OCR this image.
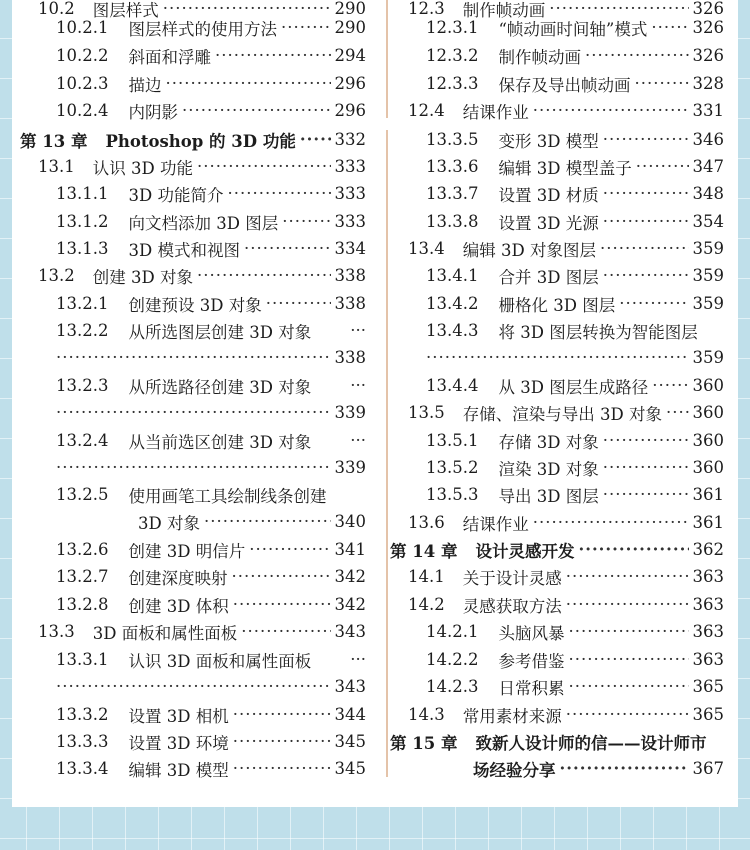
10.2 图层样式 ·····	290
10.2.1 图层样式的使用方法 ·····	290
10.2.2 斜面和浮雕 ·····	294
10.2.3 描边 ·····	296
10.2.4 内阴影 ·····	296
第 13 章 Photoshop 的 3D 功能 ····· 332
13.1 认识 3D 功能 ·····	333
13.1.1 3D 功能简介 ·····	333
13.1.2 向文档添加 3D 图层 ·····	333
13.1.3 3D 模式和视图 ·····	334
13.2 创建 3D 对象 ·····	338
13.2.1 创建预设 3D 对象 ·····	338
13.2.2 从所选图层创建 3D 对象	···
·····
338
13.2.3 从所选路径创建 3D 对象	···
·····
339
13.2.4 从当前选区创建 3D 对象	···
·····
339
13.2.5 使用画笔工具绘制线条创建
3D 对象 ·····	340
13.2.6 创建 3D 明信片 ·····	341
13.2.7 创建深度映射 ·····	342
13.2.8 创建 3D 体积 ·····	342
13.3 3D 面板和属性面板 ·····	343
13.3.1 认识 3D 面板和属性面板	···
·····
343
13.3.2 设置 3D 相机 ·····	344
13.3.3 设置 3D 环境 ·····	345
13.3.4 编辑 3D 模型 ·····	345
12.3 制作帧动画 ·····	326
12.3.1 “帧动画时间轴”模式 ·····	326
12.3.2 制作帧动画 ·····	326
12.3.3 保存及导出帧动画 ·····	328
12.4 结课作业 ·····	331
13.3.5 变形 3D 模型 ·····	346
13.3.6 编辑 3D 模型盖子 ·····	347
13.3.7 设置 3D 材质 ·····	348
13.3.8 设置 3D 光源 ·····	354
13.4 编辑 3D 对象图层 ·····	359
13.4.1 合并 3D 图层 ·····	359
13.4.2 栅格化 3D 图层 ·····	359
13.4.3 将 3D 图层转换为智能图层
·····
359
13.4.4 从 3D 图层生成路径 ·····	360
13.5 存储、渲染与导出 3D 对象 ····· 360
13.5.1 存储 3D 对象 ·····	360
13.5.2 渲染 3D 对象 ·····	360
13.5.3 导出 3D 图层 ·····	361
13.6 结课作业 ·····	361
第 14 章 设计灵感开发 ·····	362
14.1 关于设计灵感 ·····	363
14.2 灵感获取方法 ·····	363
14.2.1 头脑风暴 ·····	363
14.2.2 参考借鉴 ·····	363
14.2.3 日常积累 ·····	365
14.3 常用素材来源 ·····	365
第 15 章 致新人设计师的信——设计师市
场经验分享 ·····	367
